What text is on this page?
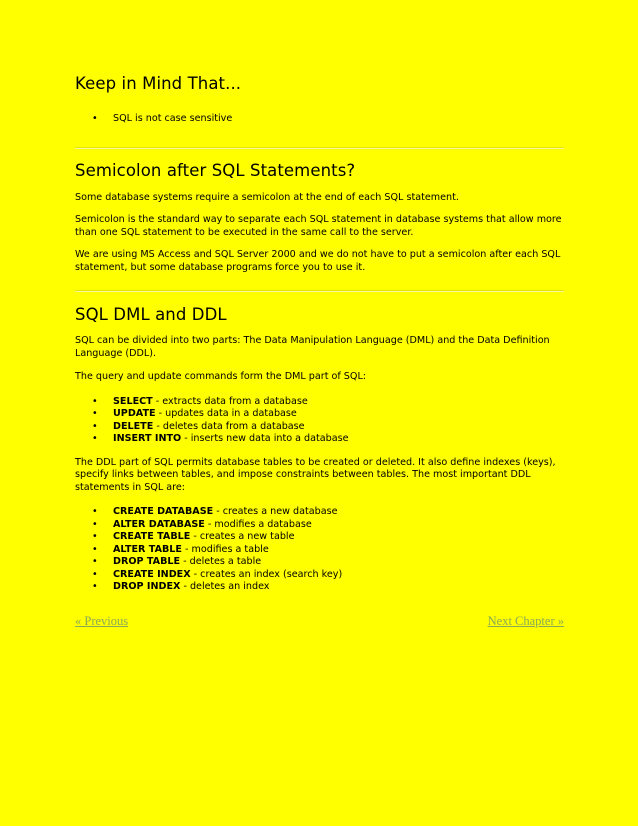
Keep in Mind That...
• SQL is not case sensitive
Semicolon after SQL Statements?

Some database systems require a semicolon at the end of each SQL statement.

Semicolon is the standard way to separate each SQL statement in database systems that allow more than one SQL statement to be executed in the same call to the server.

We are using MS Access and SQL Server 2000 and we do not have to put a semicolon after each SQL statement, but some database programs force you to use it.

SQL DML and DDL

SQL can be divided into two parts: The Data Manipulation Language (DML) and the Data Definition Language (DDL).

The query and update commands form the DML part of SQL:

• SELECT - extracts data from a database
• UPDATE - updates data in a database
• DELETE - deletes data from a database
• INSERT INTO - inserts new data into a database

The DDL part of SQL permits database tables to be created or deleted. It also define indexes (keys), specify links between tables, and impose constraints between tables. The most important DDL statements in SQL are:

• CREATE DATABASE - creates a new database
• ALTER DATABASE - modifies a database
• CREATE TABLE - creates a new table
• ALTER TABLE - modifies a table
• DROP TABLE - deletes a table
• CREATE INDEX - creates an index (search key)
• DROP INDEX - deletes an index
« Previous	Next Chapter »
